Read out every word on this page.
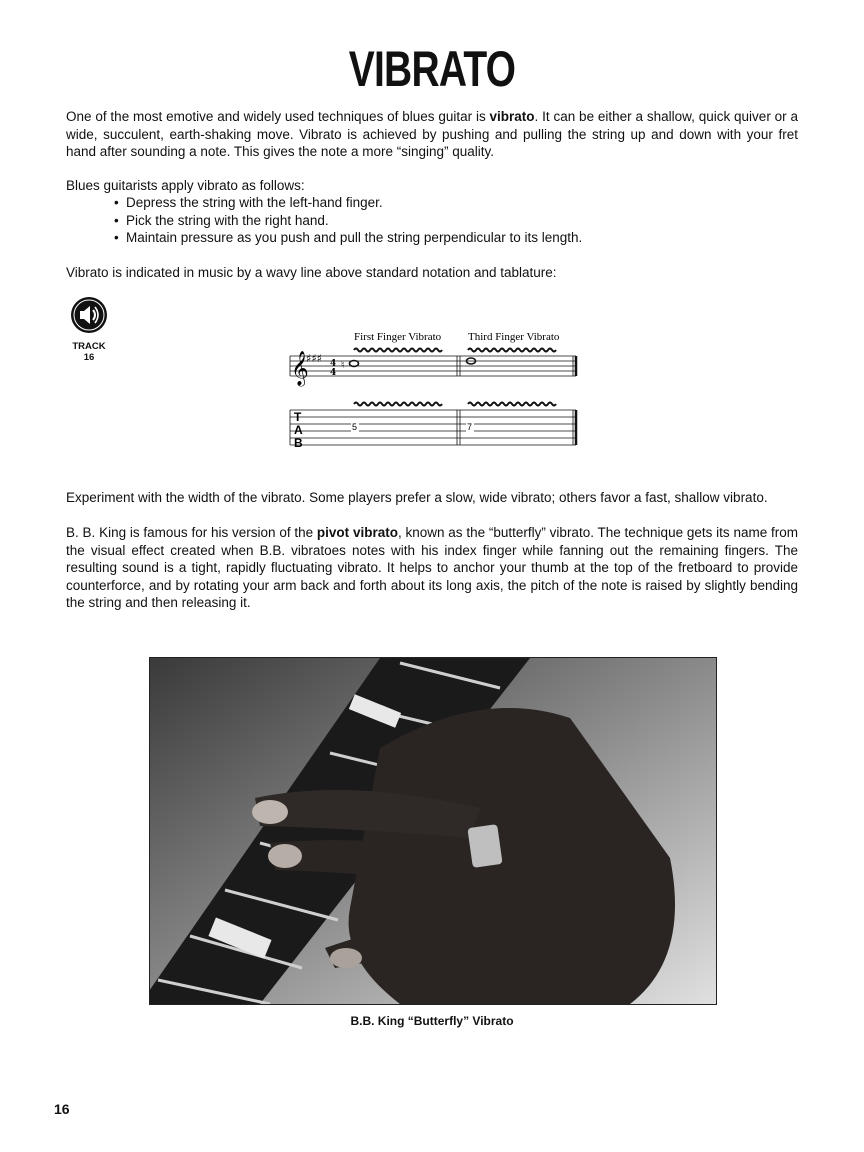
VIBRATO

One of the most emotive and widely used techniques of blues guitar is vibrato. It can be either a shallow, quick quiver or a wide, succulent, earth-shaking move. Vibrato is achieved by pushing and pulling the string up and down with your fret hand after sounding a note. This gives the note a more “singing” quality.

Blues guitarists apply vibrato as follows:

• Depress the string with the left-hand finger.
• Pick the string with the right hand.
• Maintain pressure as you push and pull the string perpendicular to its length.

Vibrato is indicated in music by a wavy line above standard notation and tablature:

TRACK 16
First Finger Vibrato Third Finger Vibrato
𝄞
♯♯♯ 4
4
♮
T
A
B
5	7

Experiment with the width of the vibrato. Some players prefer a slow, wide vibrato; others favor a fast, shallow vibrato.

B. B. King is famous for his version of the pivot vibrato, known as the “butterfly” vibrato. The technique gets its name from the visual effect created when B.B. vibratoes notes with his index finger while fanning out the remaining fingers. The resulting sound is a tight, rapidly fluctuating vibrato. It helps to anchor your thumb at the top of the fretboard to provide counterforce, and by rotating your arm back and forth about its long axis, the pitch of the note is raised by slightly bending the string and then releasing it.

B.B. King “Butterfly” Vibrato
16
